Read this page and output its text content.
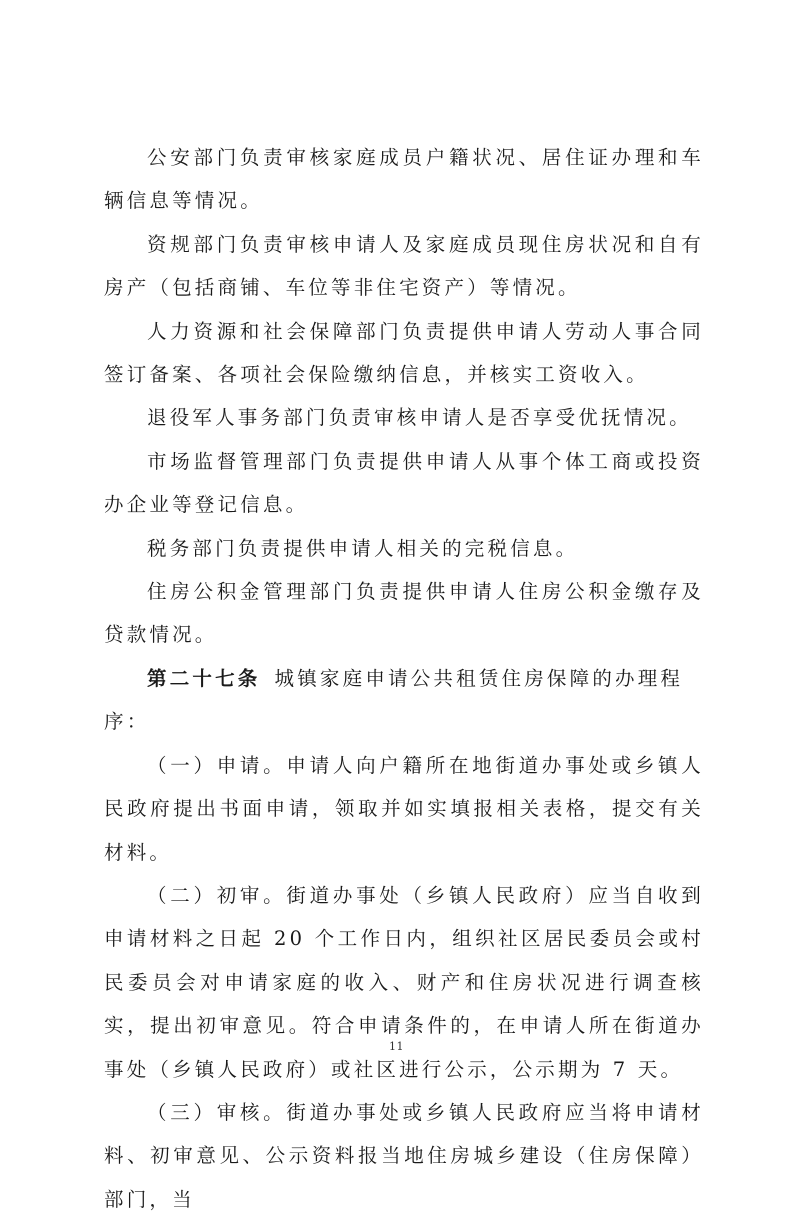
公安部门负责审核家庭成员户籍状况、居住证办理和车辆信息等情况。

资规部门负责审核申请人及家庭成员现住房状况和自有房产（包括商铺、车位等非住宅资产）等情况。

人力资源和社会保障部门负责提供申请人劳动人事合同签订备案、各项社会保险缴纳信息，并核实工资收入。

退役军人事务部门负责审核申请人是否享受优抚情况。

市场监督管理部门负责提供申请人从事个体工商或投资办企业等登记信息。

税务部门负责提供申请人相关的完税信息。

住房公积金管理部门负责提供申请人住房公积金缴存及贷款情况。

第二十七条 城镇家庭申请公共租赁住房保障的办理程序：

（一）申请。申请人向户籍所在地街道办事处或乡镇人民政府提出书面申请，领取并如实填报相关表格，提交有关材料。

（二）初审。街道办事处（乡镇人民政府）应当自收到申请材料之日起 20 个工作日内，组织社区居民委员会或村民委员会对申请家庭的收入、财产和住房状况进行调查核实，提出初审意见。符合申请条件的，在申请人所在街道办事处（乡镇人民政府）或社区进行公示，公示期为 7 天。

（三）审核。街道办事处或乡镇人民政府应当将申请材料、初审意见、公示资料报当地住房城乡建设（住房保障）部门，当

11
